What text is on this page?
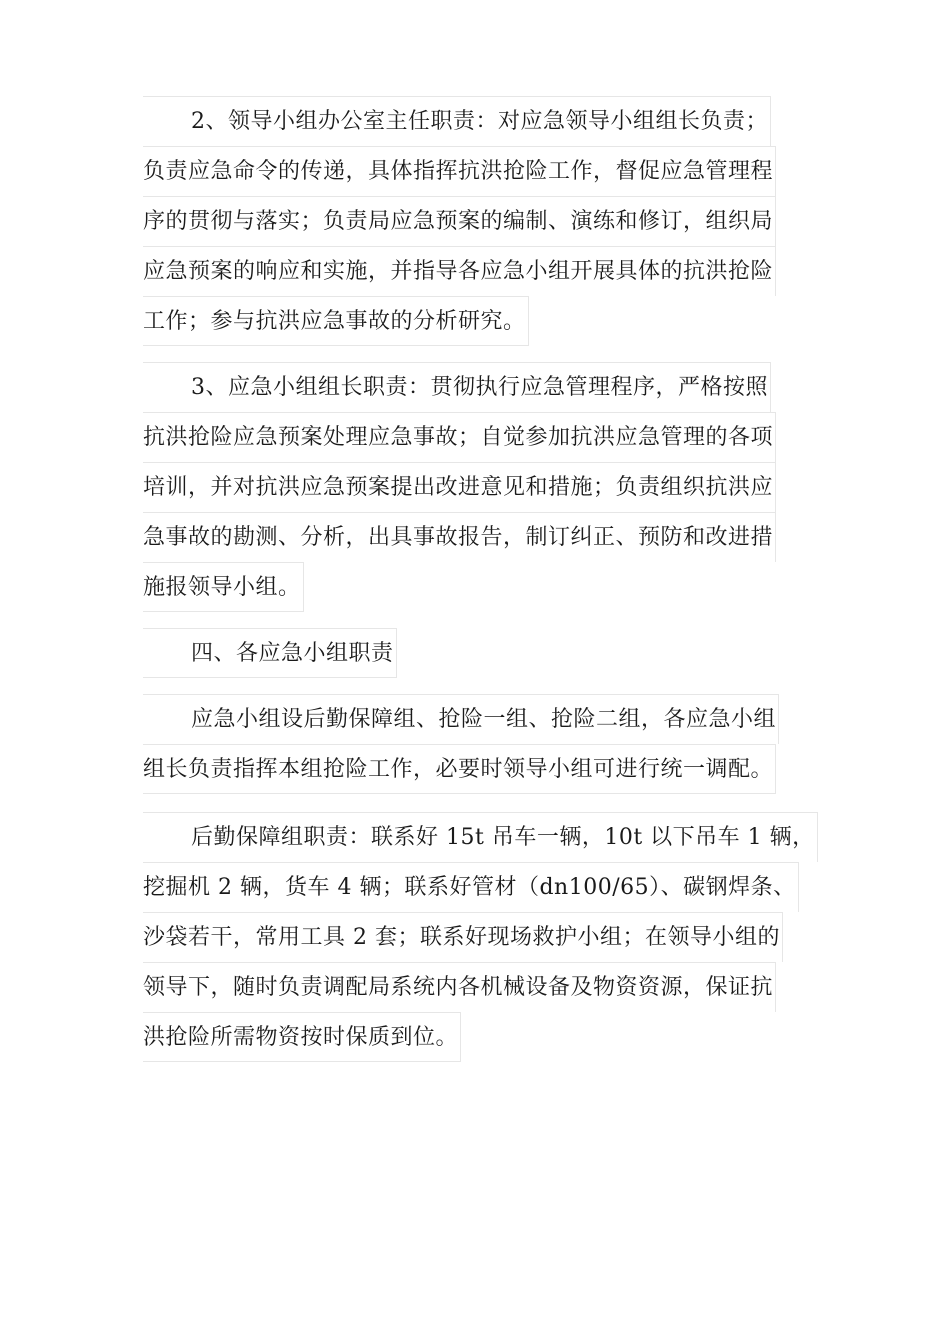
2、领导小组办公室主任职责：对应急领导小组组长负责；
负责应急命令的传递，具体指挥抗洪抢险工作，督促应急管理程
序的贯彻与落实；负责局应急预案的编制、演练和修订，组织局
应急预案的响应和实施，并指导各应急小组开展具体的抗洪抢险
工作；参与抗洪应急事故的分析研究。
3、应急小组组长职责：贯彻执行应急管理程序，严格按照
抗洪抢险应急预案处理应急事故；自觉参加抗洪应急管理的各项
培训，并对抗洪应急预案提出改进意见和措施；负责组织抗洪应
急事故的勘测、分析，出具事故报告，制订纠正、预防和改进措
施报领导小组。
四、各应急小组职责
应急小组设后勤保障组、抢险一组、抢险二组，各应急小组
组长负责指挥本组抢险工作，必要时领导小组可进行统一调配。
后勤保障组职责：联系好 15t 吊车一辆，10t 以下吊车 1 辆，
挖掘机 2 辆，货车 4 辆；联系好管材（dn100/65）、碳钢焊条、
沙袋若干，常用工具 2 套；联系好现场救护小组；在领导小组的
领导下，随时负责调配局系统内各机械设备及物资资源，保证抗
洪抢险所需物资按时保质到位。
